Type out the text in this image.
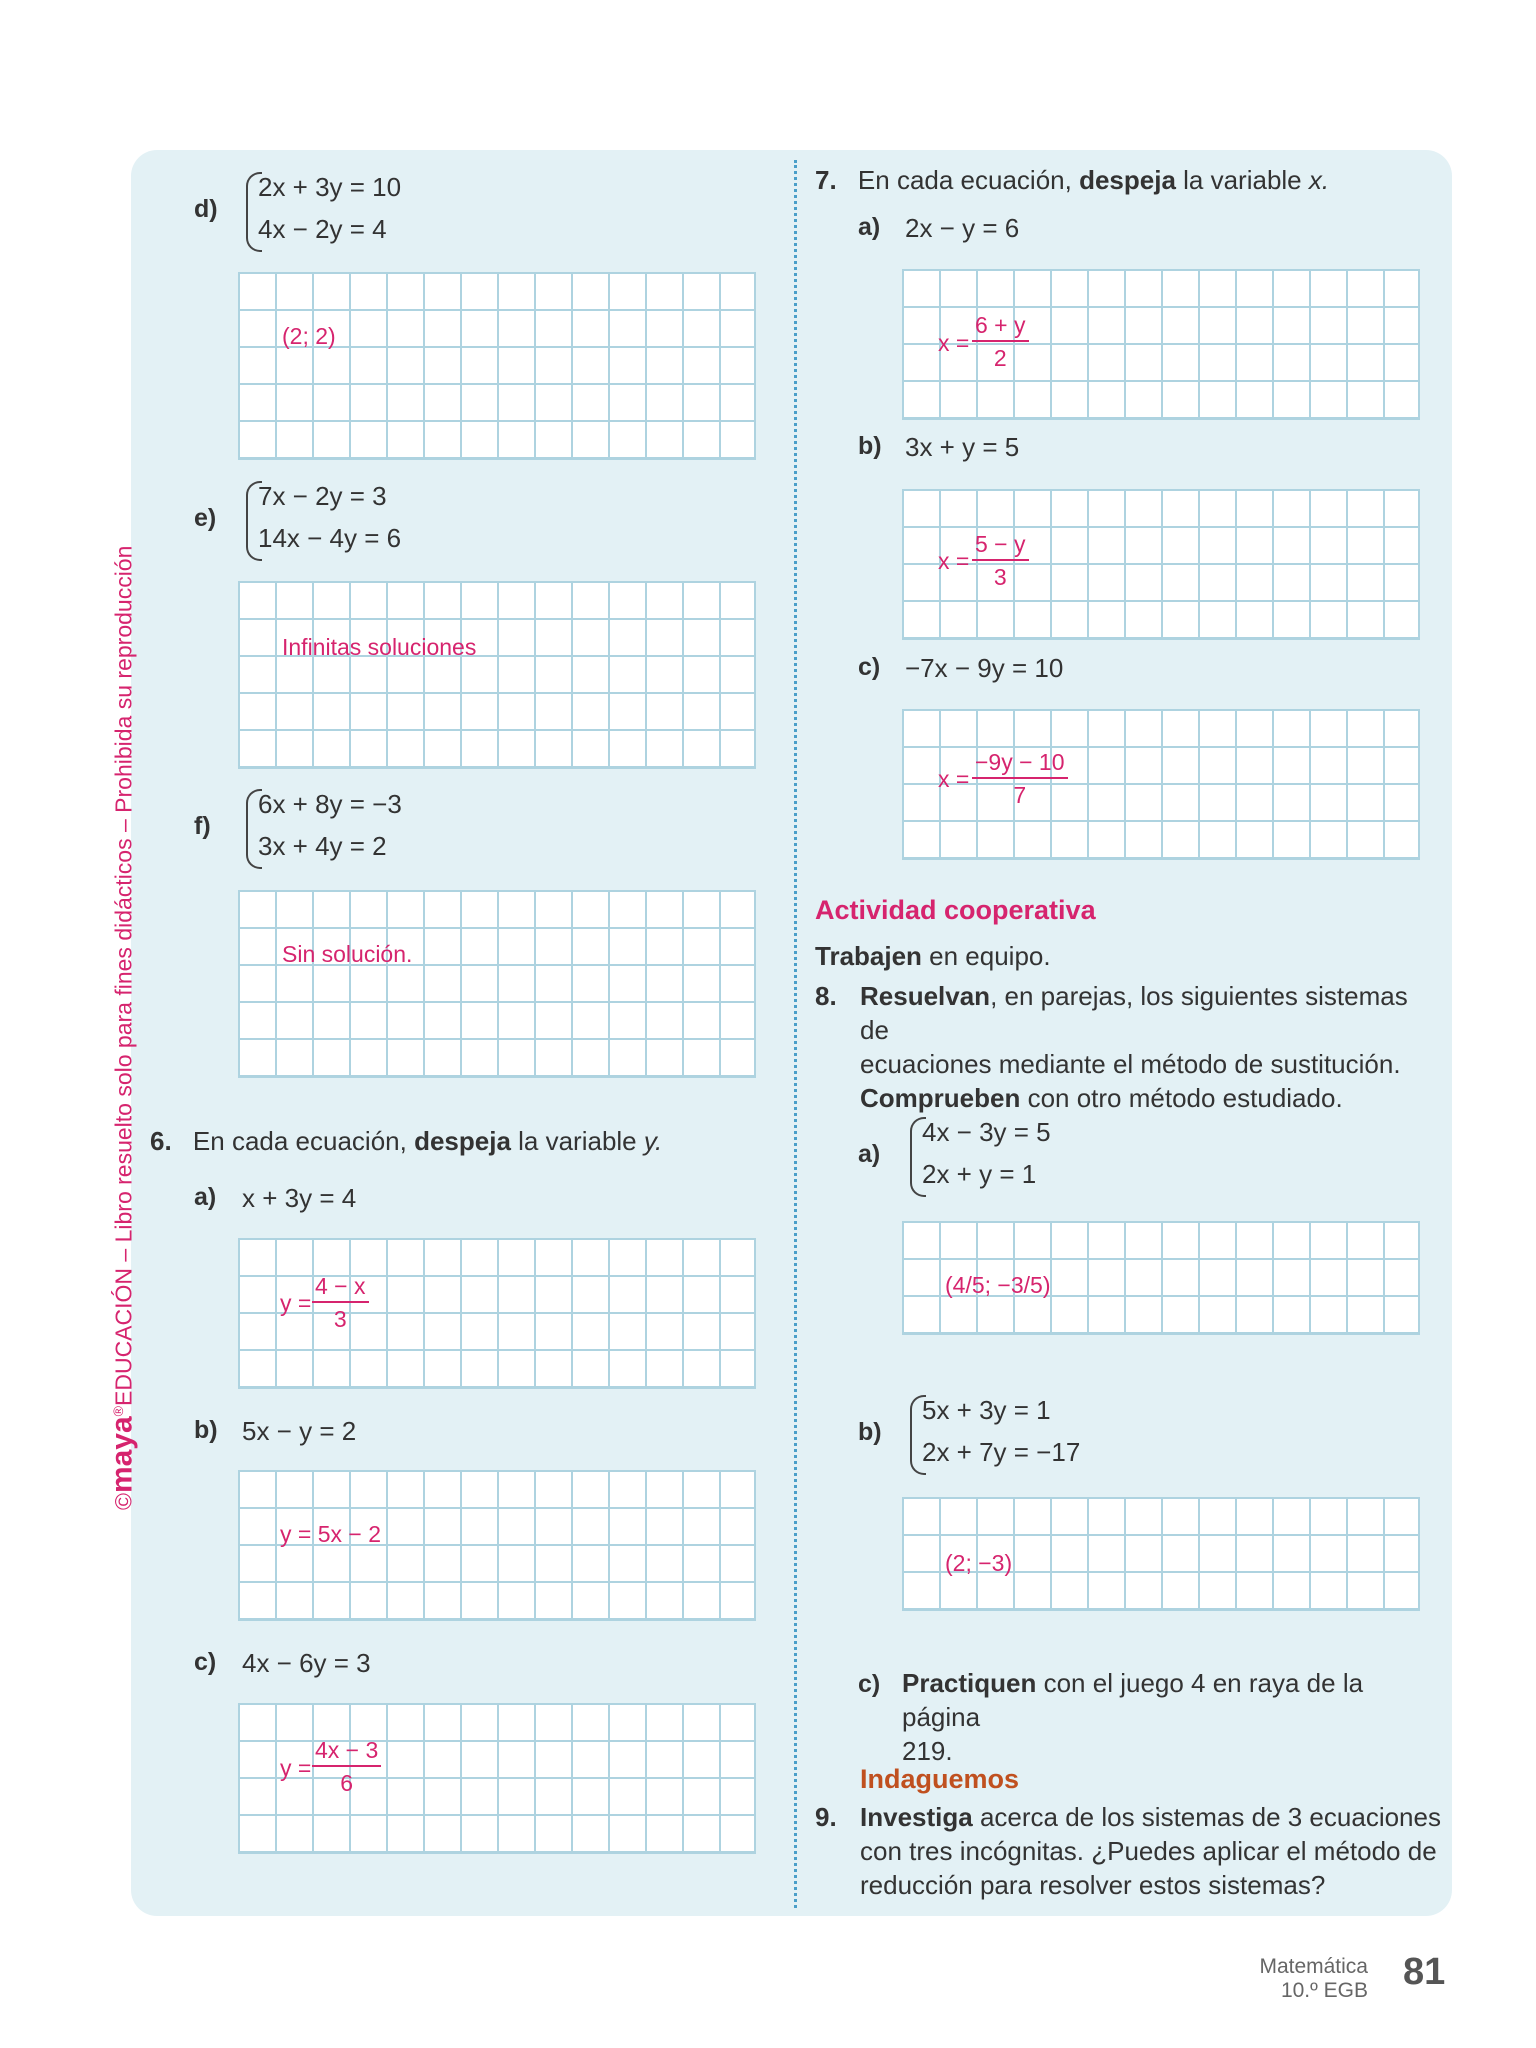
©maya®EDUCACIÓN – Libro resuelto solo para fines didácticos – Prohibida su reproducción
d)
2x + 3y = 10
4x − 2y = 4
(2; 2)
e)
7x − 2y = 3
14x − 4y = 6
Infinitas soluciones
f)
6x + 8y = −3
3x + 4y = 2
Sin solución.
6. En cada ecuación, despeja la variable y.
a) x + 3y = 4
$y = \frac{4 - x}{3}$
b) 5x − y = 2
y = 5x − 2
c) 4x − 6y = 3
$y = \frac{4x - 3}{6}$
7. En cada ecuación, despeja la variable x.
a) 2x − y = 6
$x = \frac{6 + y}{2}$
b) 3x + y = 5
$x = \frac{5 - y}{3}$
c) −7x − 9y = 10
$x = \frac{-9y - 10}{7}$
Actividad cooperativa
Trabajen en equipo.
8. Resuelvan, en parejas, los siguientes sistemas de
ecuaciones mediante el método de sustitución.
Comprueben con otro método estudiado.
a)
4x − 3y = 5
2x + y = 1
(4/5; −3/5)
b)
5x + 3y = 1
2x + 7y = −17
(2; −3)
c) Practiquen con el juego 4 en raya de la página
219.
Indaguemos
9. Investiga acerca de los sistemas de 3 ecuaciones
con tres incógnitas. ¿Puedes aplicar el método de
reducción para resolver estos sistemas?
Matemática
10.º EGB 81
